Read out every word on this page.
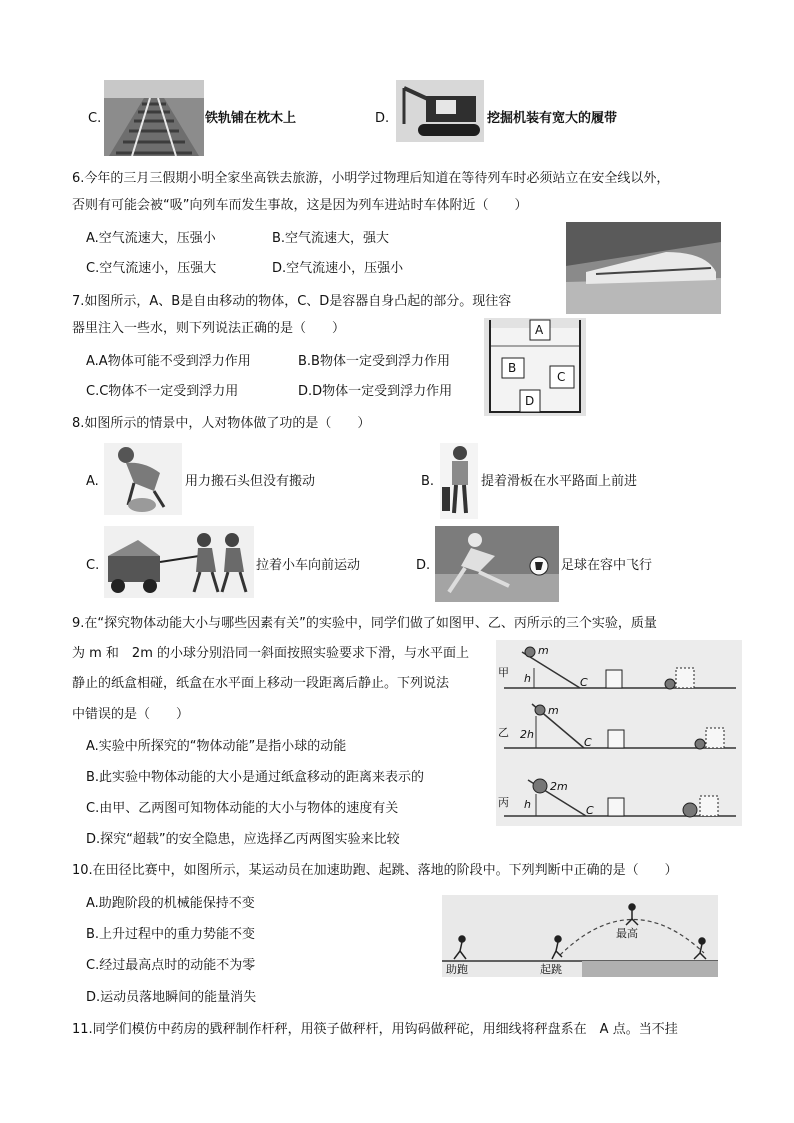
C.	铁轨铺在枕木上	D.	挖掘机装有宽大的履带
6.今年的三月三假期小明全家坐高铁去旅游，小明学过物理后知道在等待列车时必须站立在安全线以外，
否则有可能会被“吸”向列车而发生事故，这是因为列车进站时车体附近（　　）
A.空气流速大，压强小	B.空气流速大，强大
C.空气流速小，压强大	D.空气流速小，压强小
7.如图所示，A、B是自由移动的物体，C、D是容器自身凸起的部分。现往容
器里注入一些水，则下列说法正确的是（　　）
A.A物体可能不受到浮力作用	B.B物体一定受到浮力作用
C.C物体不一定受到浮力用	D.D物体一定受到浮力作用
A
B
C
D
8.如图所示的情景中，人对物体做了功的是（　　）
A.	用力搬石头但没有搬动	B.	提着滑板在水平路面上前进
C.	拉着小车向前运动	D.	足球在容中飞行
9.在“探究物体动能大小与哪些因素有关”的实验中，同学们做了如图甲、乙、丙所示的三个实验，质量
为 m 和　2m 的小球分别沿同一斜面按照实验要求下滑，与水平面上
静止的纸盒相碰，纸盒在水平面上移动一段距离后静止。下列说法
中错误的是（　　）
A.实验中所探究的“物体动能”是指小球的动能
B.此实验中物体动能的大小是通过纸盒移动的距离来表示的
C.由甲、乙两图可知物体动能的大小与物体的速度有关
D.探究“超载”的安全隐患，应选择乙丙两图实验来比较
甲 h
m
C
乙 2h
m
C
丙 h
2m
C
10.在田径比赛中，如图所示，某运动员在加速助跑、起跳、落地的阶段中。下列判断中正确的是（　　）
A.助跑阶段的机械能保持不变
B.上升过程中的重力势能不变
C.经过最高点时的动能不为零
D.运动员落地瞬间的能量消失
助跑	起跳
最高
11.同学们模仿中药房的戥秤制作杆秤，用筷子做秤杆，用钩码做秤砣，用细线将秤盘系在　A 点。当不挂
